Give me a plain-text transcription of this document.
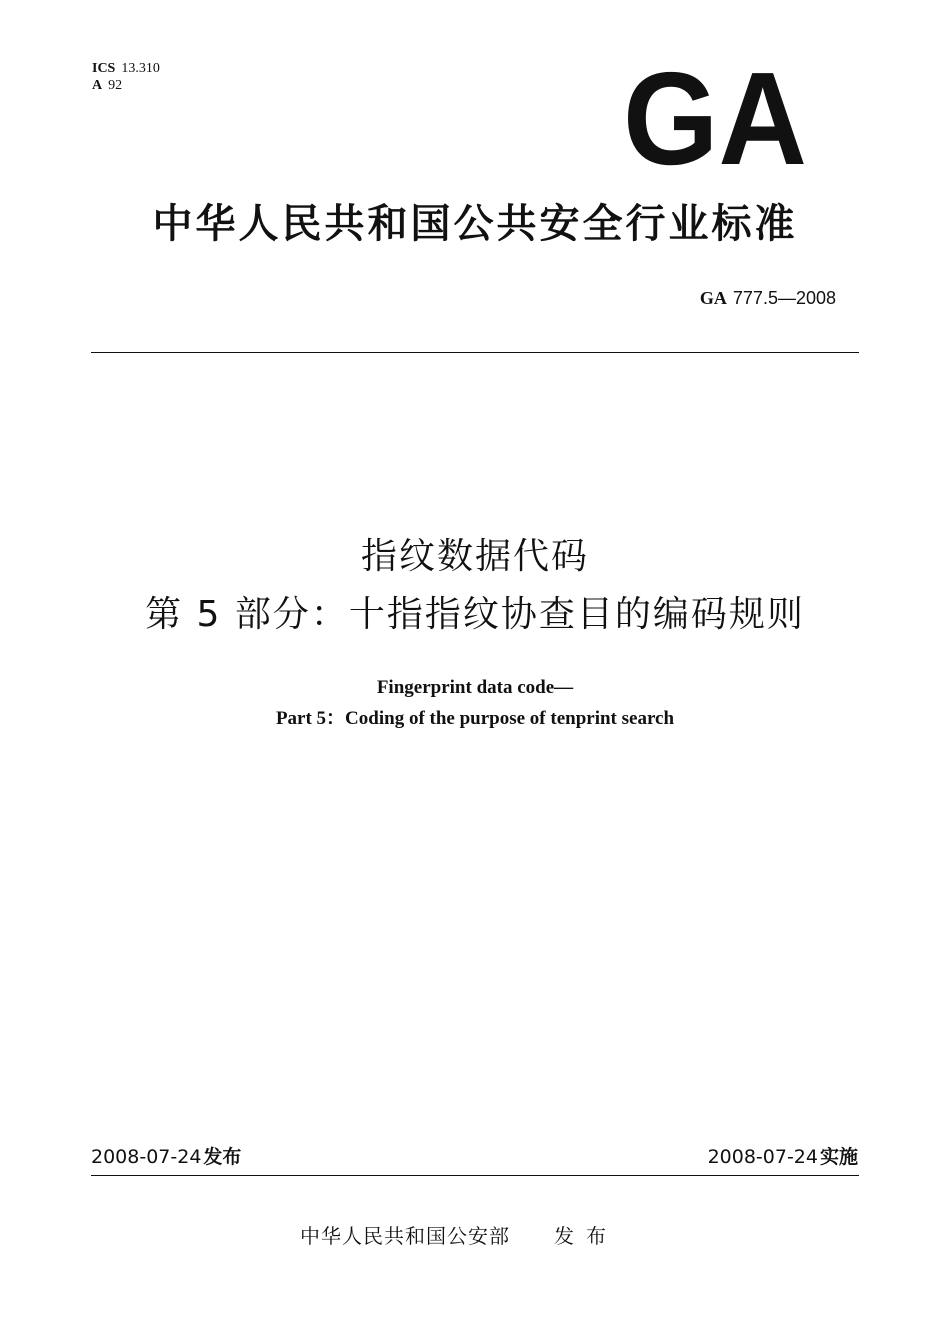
ICS 13.310
A 92	GA
中华人民共和国公共安全行业标准
GA 777.5—2008
指纹数据代码
第 5 部分：十指指纹协查目的编码规则
Fingerprint data code—
Part 5：Coding of the purpose of tenprint search
2008-07-24 发布	2008-07-24 实施
中华人民共和国公安部 发布
